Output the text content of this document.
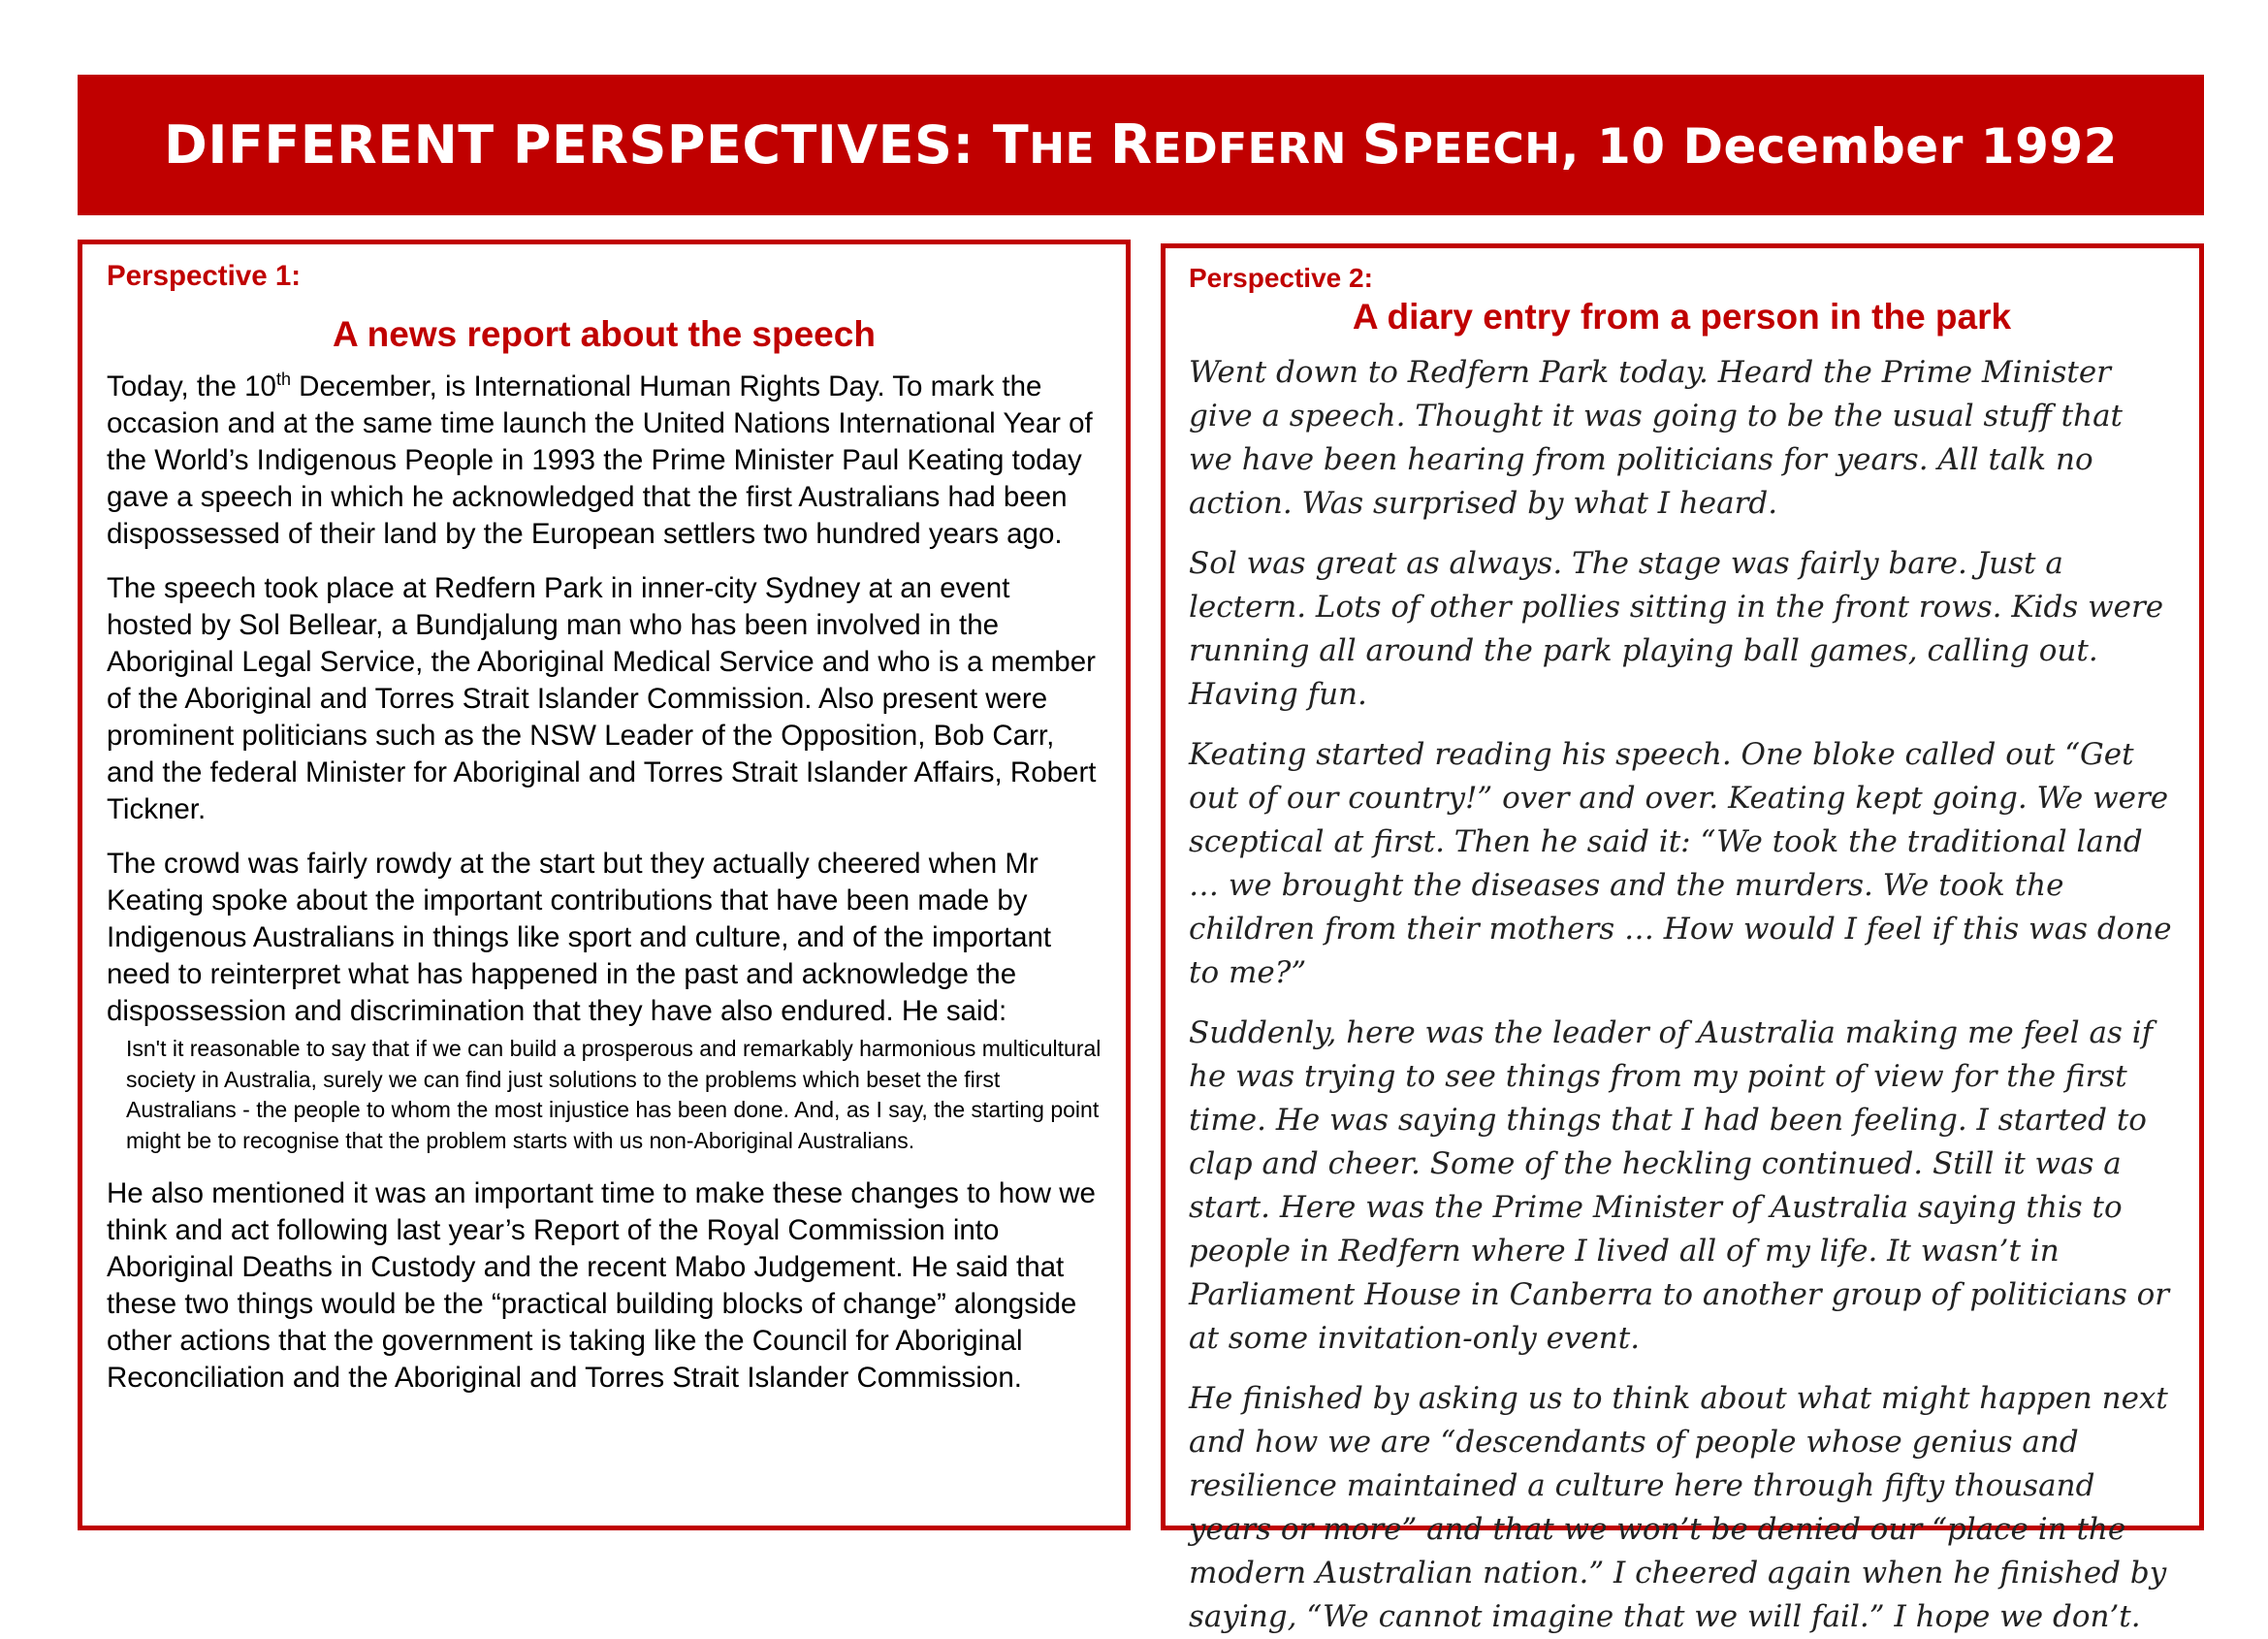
DIFFERENT PERSPECTIVES: THE REDFERN SPEECH, 10 December 1992

Perspective 1:

A news report about the speech

Today, the 10th December, is International Human Rights Day. To mark the occasion and at the same time launch the United Nations International Year of the World’s Indigenous People in 1993 the Prime Minister Paul Keating today gave a speech in which he acknowledged that the first Australians had been dispossessed of their land by the European settlers two hundred years ago.

The speech took place at Redfern Park in inner-city Sydney at an event hosted by Sol Bellear, a Bundjalung man who has been involved in the Aboriginal Legal Service, the Aboriginal Medical Service and who is a member of the Aboriginal and Torres Strait Islander Commission. Also present were prominent politicians such as the NSW Leader of the Opposition, Bob Carr, and the federal Minister for Aboriginal and Torres Strait Islander Affairs, Robert Tickner.

The crowd was fairly rowdy at the start but they actually cheered when Mr Keating spoke about the important contributions that have been made by Indigenous Australians in things like sport and culture, and of the important need to reinterpret what has happened in the past and acknowledge the dispossession and discrimination that they have also endured. He said:

Isn't it reasonable to say that if we can build a prosperous and remarkably harmonious multicultural society in Australia, surely we can find just solutions to the problems which beset the first Australians - the people to whom the most injustice has been done. And, as I say, the starting point might be to recognise that the problem starts with us non-Aboriginal Australians.

He also mentioned it was an important time to make these changes to how we think and act following last year’s Report of the Royal Commission into Aboriginal Deaths in Custody and the recent Mabo Judgement. He said that these two things would be the “practical building blocks of change” alongside other actions that the government is taking like the Council for Aboriginal Reconciliation and the Aboriginal and Torres Strait Islander Commission.

Perspective 2:

A diary entry from a person in the park

Went down to Redfern Park today. Heard the Prime Minister give a speech. Thought it was going to be the usual stuff that we have been hearing from politicians for years. All talk no action. Was surprised by what I heard.

Sol was great as always. The stage was fairly bare. Just a lectern. Lots of other pollies sitting in the front rows. Kids were running all around the park playing ball games, calling out. Having fun.

Keating started reading his speech. One bloke called out “Get out of our country!” over and over. Keating kept going. We were sceptical at first. Then he said it: “We took the traditional land … we brought the diseases and the murders. We took the children from their mothers … How would I feel if this was done to me?”

Suddenly, here was the leader of Australia making me feel as if he was trying to see things from my point of view for the first time. He was saying things that I had been feeling. I started to clap and cheer. Some of the heckling continued. Still it was a start. Here was the Prime Minister of Australia saying this to people in Redfern where I lived all of my life. It wasn’t in Parliament House in Canberra to another group of politicians or at some invitation-only event.

He finished by asking us to think about what might happen next and how we are “descendants of people whose genius and resilience maintained a culture here through fifty thousand years or more” and that we won’t be denied our “place in the modern Australian nation.” I cheered again when he finished by saying, “We cannot imagine that we will fail.” I hope we don’t.
